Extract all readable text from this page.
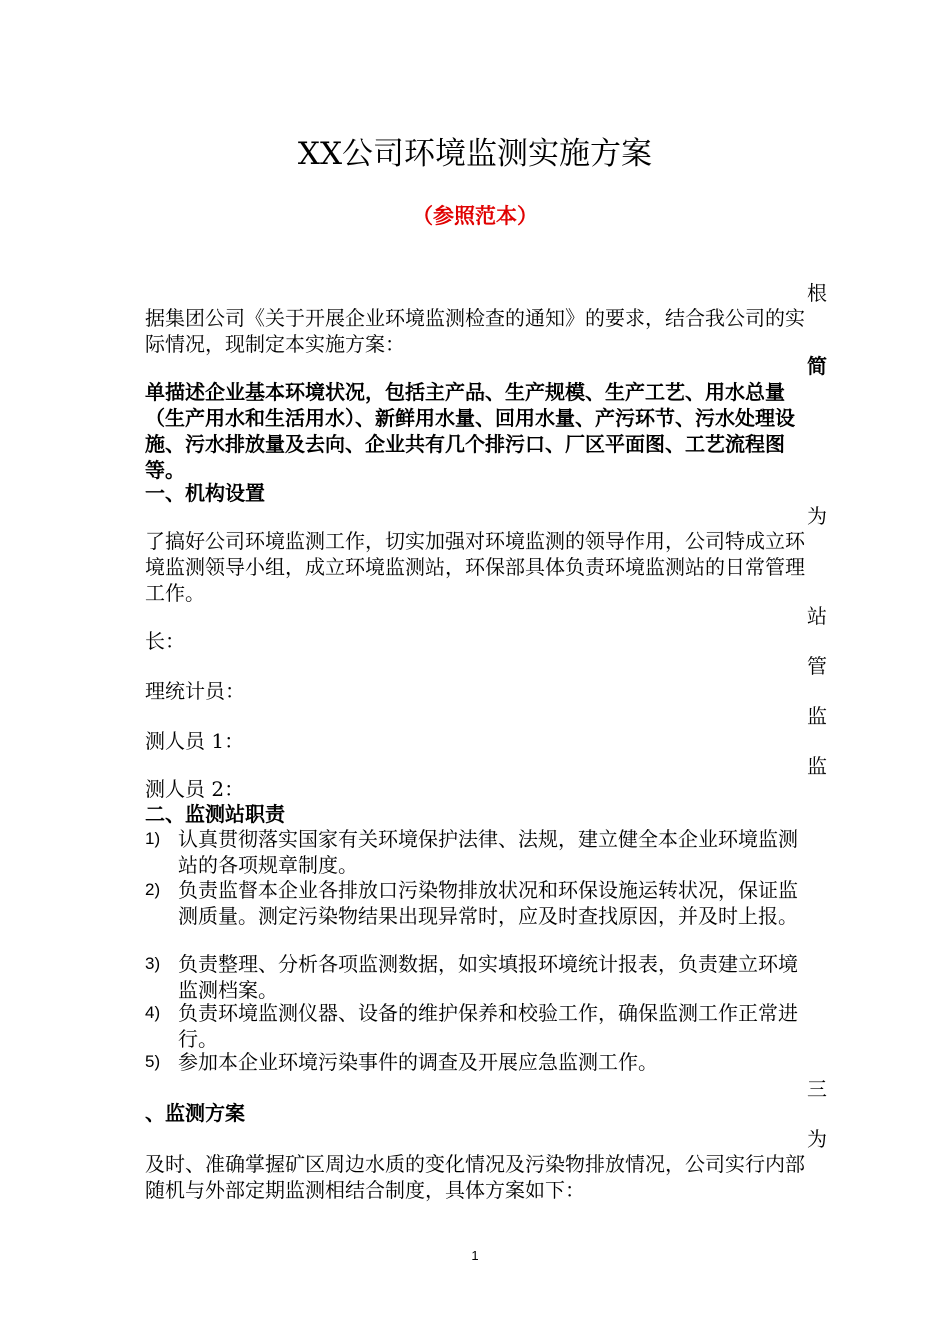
XX公司环境监测实施方案
（参照范本）
根
据集团公司《关于开展企业环境监测检查的通知》的要求，结合我公司的实际情况，现制定本实施方案：
简
单描述企业基本环境状况，包括主产品、生产规模、生产工艺、用水总量（生产用水和生活用水）、新鲜用水量、回用水量、产污环节、污水处理设施、污水排放量及去向、企业共有几个排污口、厂区平面图、工艺流程图等。
一、机构设置
为
了搞好公司环境监测工作，切实加强对环境监测的领导作用，公司特成立环境监测领导小组，成立环境监测站，环保部具体负责环境监测站的日常管理工作。
站
长：
管
理统计员：
监
测人员 1：
监
测人员 2：
二、监测站职责
1) 认真贯彻落实国家有关环境保护法律、法规，建立健全本企业环境监测站的各项规章制度。
2) 负责监督本企业各排放口污染物排放状况和环保设施运转状况，保证监测质量。测定污染物结果出现异常时，应及时查找原因，并及时上报。
3) 负责整理、分析各项监测数据，如实填报环境统计报表，负责建立环境监测档案。
4) 负责环境监测仪器、设备的维护保养和校验工作，确保监测工作正常进行。
5) 参加本企业环境污染事件的调查及开展应急监测工作。
三
、监测方案
为
及时、准确掌握矿区周边水质的变化情况及污染物排放情况，公司实行内部随机与外部定期监测相结合制度，具体方案如下：
1
